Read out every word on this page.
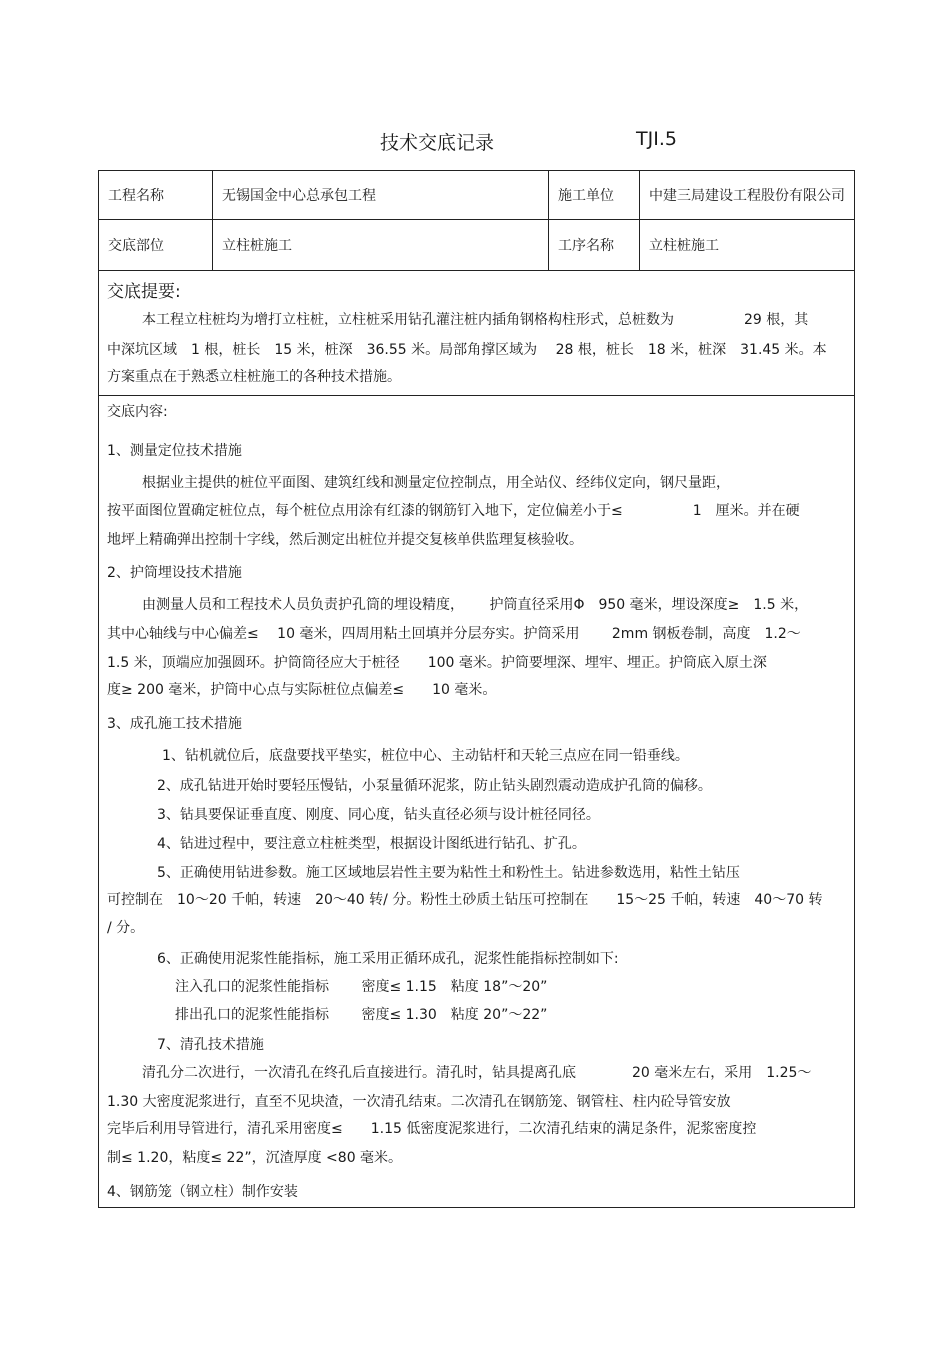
技术交底记录	TJI.5
工程名称	无锡国金中心总承包工程	施工单位	中建三局建设工程股份有限公司
交底部位	立柱桩施工	工序名称	立柱桩施工
交底提要:
本工程立柱桩均为增打立柱桩，立柱桩采用钻孔灌注桩内插角钢格构柱形式，总桩数为　　　　　29 根，其
中深坑区域　1 根，桩长　15 米，桩深　36.55 米。局部角撑区域为　 28 根，桩长　18 米，桩深　31.45 米。本
方案重点在于熟悉立柱桩施工的各种技术措施。
交底内容:
1、测量定位技术措施
根据业主提供的桩位平面图、建筑红线和测量定位控制点，用全站仪、经纬仪定向，钢尺量距，
按平面图位置确定桩位点，每个桩位点用涂有红漆的钢筋钉入地下，定位偏差小于≤　　　　　1　厘米。并在硬
地坪上精确弹出控制十字线，然后测定出桩位并提交复核单供监理复核验收。
2、护筒埋设技术措施
由测量人员和工程技术人员负责护孔筒的埋设精度，　　 护筒直径采用Φ　950 毫米，埋设深度≥　1.5 米，
其中心轴线与中心偏差≤　 10 毫米，四周用粘土回填并分层夯实。护筒采用　　 2mm 钢板卷制，高度　1.2～
1.5 米，顶端应加强圆环。护筒筒径应大于桩径　　100 毫米。护筒要埋深、埋牢、埋正。护筒底入原土深
度≥ 200 毫米，护筒中心点与实际桩位点偏差≤　　10 毫米。
3、成孔施工技术措施
1、钻机就位后，底盘要找平垫实，桩位中心、主动钻杆和天轮三点应在同一铅垂线。
2、成孔钻进开始时要轻压慢钻，小泵量循环泥浆，防止钻头剧烈震动造成护孔筒的偏移。
3、钻具要保证垂直度、刚度、同心度，钻头直径必须与设计桩径同径。
4、钻进过程中，要注意立柱桩类型，根据设计图纸进行钻孔、扩孔。
5、正确使用钻进参数。施工区域地层岩性主要为粘性土和粉性土。钻进参数选用，粘性土钻压
可控制在　10～20 千帕，转速　20～40 转/ 分。粉性土砂质土钻压可控制在　　15～25 千帕，转速　40～70 转
/ 分。
6、正确使用泥浆性能指标，施工采用正循环成孔，泥浆性能指标控制如下:
注入孔口的泥浆性能指标　　 密度≤ 1.15　粘度 18”～20”
排出孔口的泥浆性能指标　　 密度≤ 1.30　粘度 20”～22”
7、清孔技术措施
清孔分二次进行，一次清孔在终孔后直接进行。清孔时，钻具提离孔底　　　　20 毫米左右，采用　1.25～
1.30 大密度泥浆进行，直至不见块渣，一次清孔结束。二次清孔在钢筋笼、钢管柱、柱内砼导管安放
完毕后利用导管进行，清孔采用密度≤　　1.15 低密度泥浆进行，二次清孔结束的满足条件，泥浆密度控
制≤ 1.20，粘度≤ 22”，沉渣厚度 <80 毫米。
4、钢筋笼（钢立柱）制作安装
